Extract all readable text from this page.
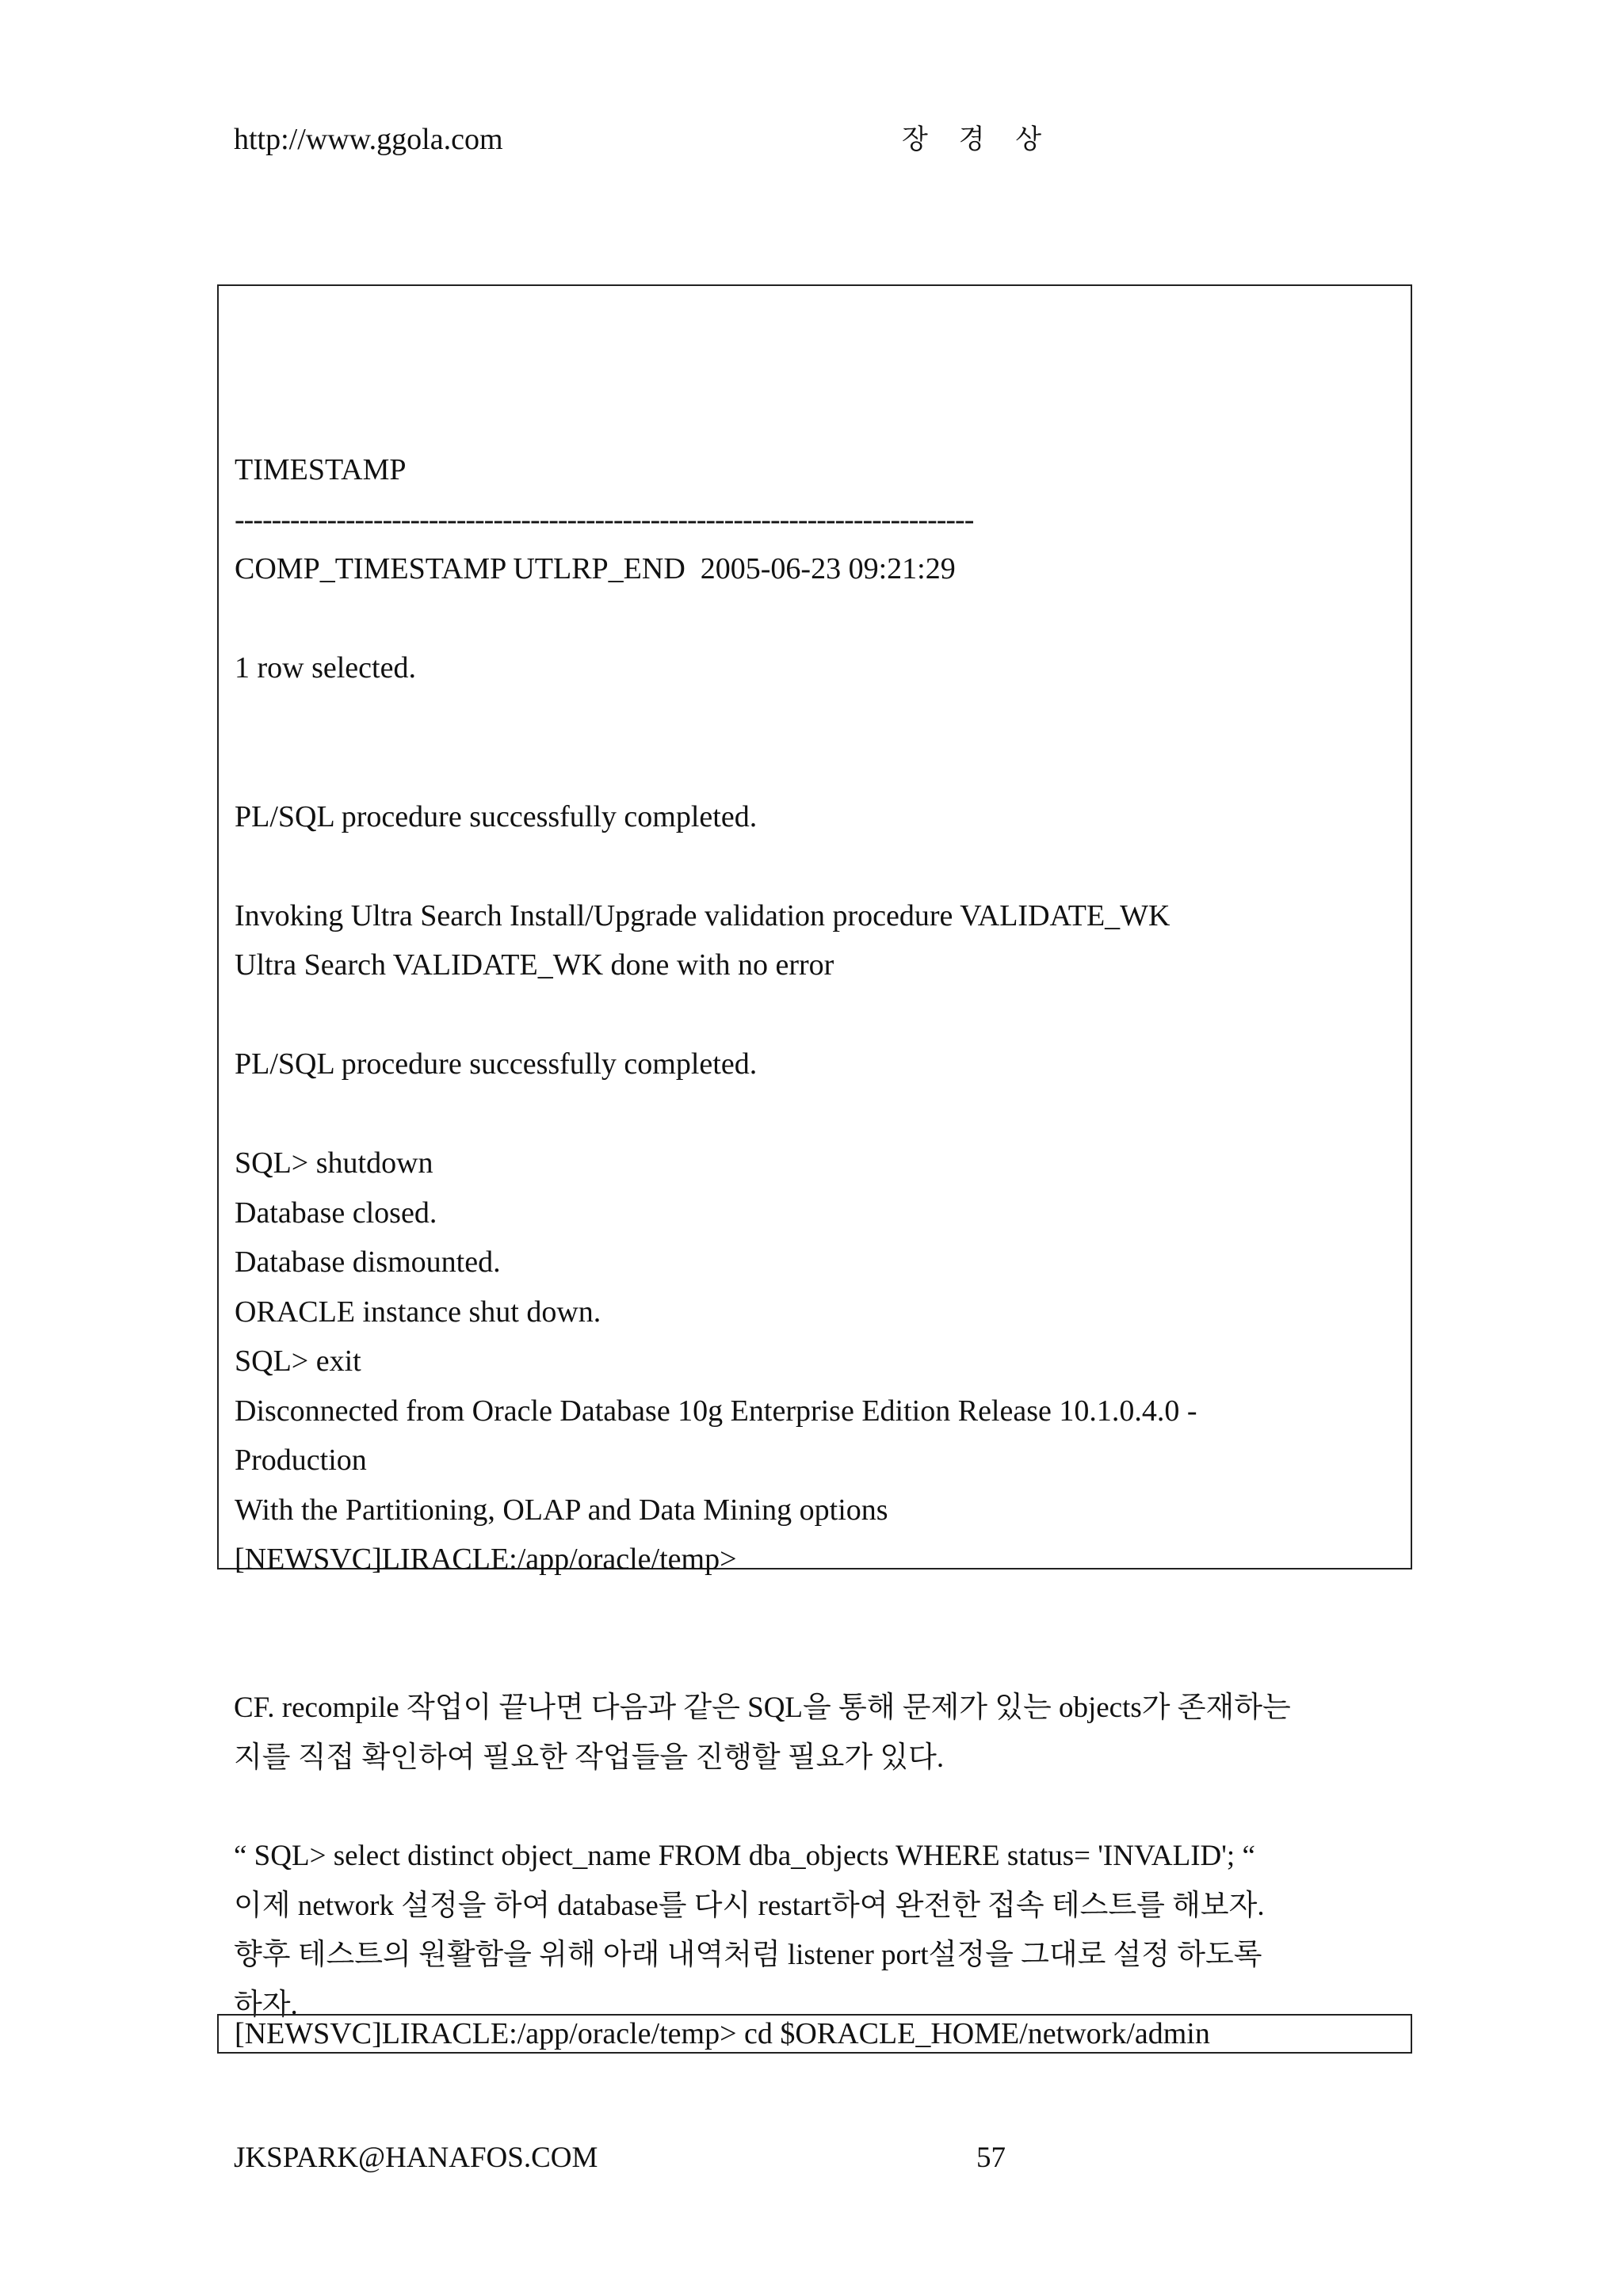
http://www.ggola.com	장 경 상
TIMESTAMP
--------------------------------------------------------------------------------
COMP_TIMESTAMP UTLRP_END  2005-06-23 09:21:29
1 row selected.
PL/SQL procedure successfully completed.
Invoking Ultra Search Install/Upgrade validation procedure VALIDATE_WK
Ultra Search VALIDATE_WK done with no error
PL/SQL procedure successfully completed.
SQL> shutdown
Database closed.
Database dismounted.
ORACLE instance shut down.
SQL> exit
Disconnected from Oracle Database 10g Enterprise Edition Release 10.1.0.4.0 -
Production
With the Partitioning, OLAP and Data Mining options
[NEWSVC]LIRACLE:/app/oracle/temp>
CF. recompile 작업이 끝나면 다음과 같은 SQL을 통해 문제가 있는 objects가 존재하는
지를 직접 확인하여 필요한 작업들을 진행할 필요가 있다.
“ SQL> select distinct object_name FROM dba_objects WHERE status= 'INVALID'; “
이제 network 설정을 하여 database를 다시 restart하여 완전한 접속 테스트를 해보자.
향후 테스트의 원활함을 위해 아래 내역처럼 listener port설정을 그대로 설정 하도록
하자.
[NEWSVC]LIRACLE:/app/oracle/temp> cd $ORACLE_HOME/network/admin
JKSPARK@HANAFOS.COM	57
